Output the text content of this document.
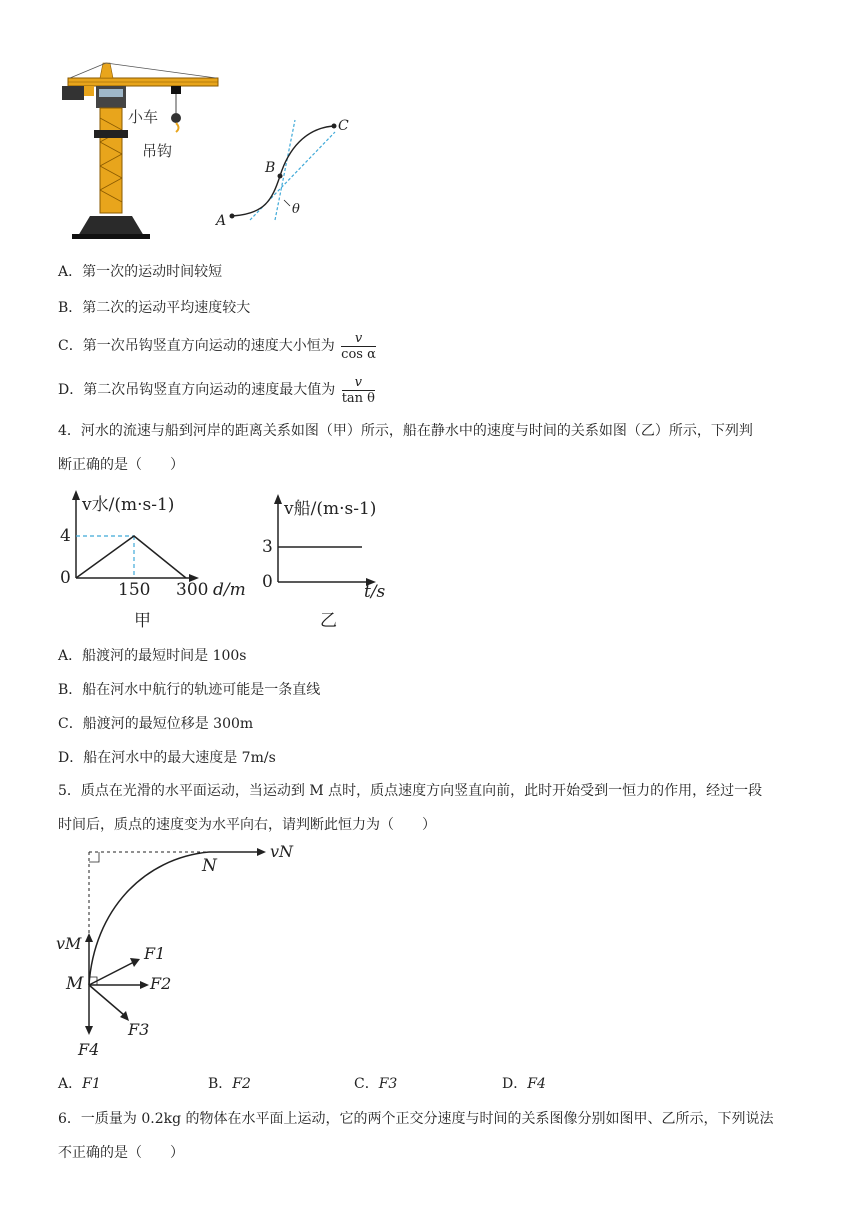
小车
吊钩
A
B
C
θ
A．第一次的运动时间较短
B．第二次的运动平均速度较大
C．第一次吊钩竖直方向运动的速度大小恒为 $\frac{v}{\text{cos α}}$
D．第二次吊钩竖直方向运动的速度最大值为 $\frac{v}{\text{tan θ}}$
4．河水的流速与船到河岸的距离关系如图（甲）所示，船在静水中的速度与时间的关系如图（乙）所示，下列判
断正确的是（　　）
v水/(m·s-1)
4
0
150 300 d/m
甲
v船/(m·s-1)
3
0	t/s
乙
A．船渡河的最短时间是 100s
B．船在河水中航行的轨迹可能是一条直线
C．船渡河的最短位移是 300m
D．船在河水中的最大速度是 7m/s
5．质点在光滑的水平面运动，当运动到 M 点时，质点速度方向竖直向前，此时开始受到一恒力的作用，经过一段
时间后，质点的速度变为水平向右，请判断此恒力为（　　）
N
vN
vM
M
F1
F2
F3
F4
A．F1	B．F2	C．F3	D．F4
6．一质量为 0.2kg 的物体在水平面上运动，它的两个正交分速度与时间的关系图像分别如图甲、乙所示，下列说法
不正确的是（　　）
